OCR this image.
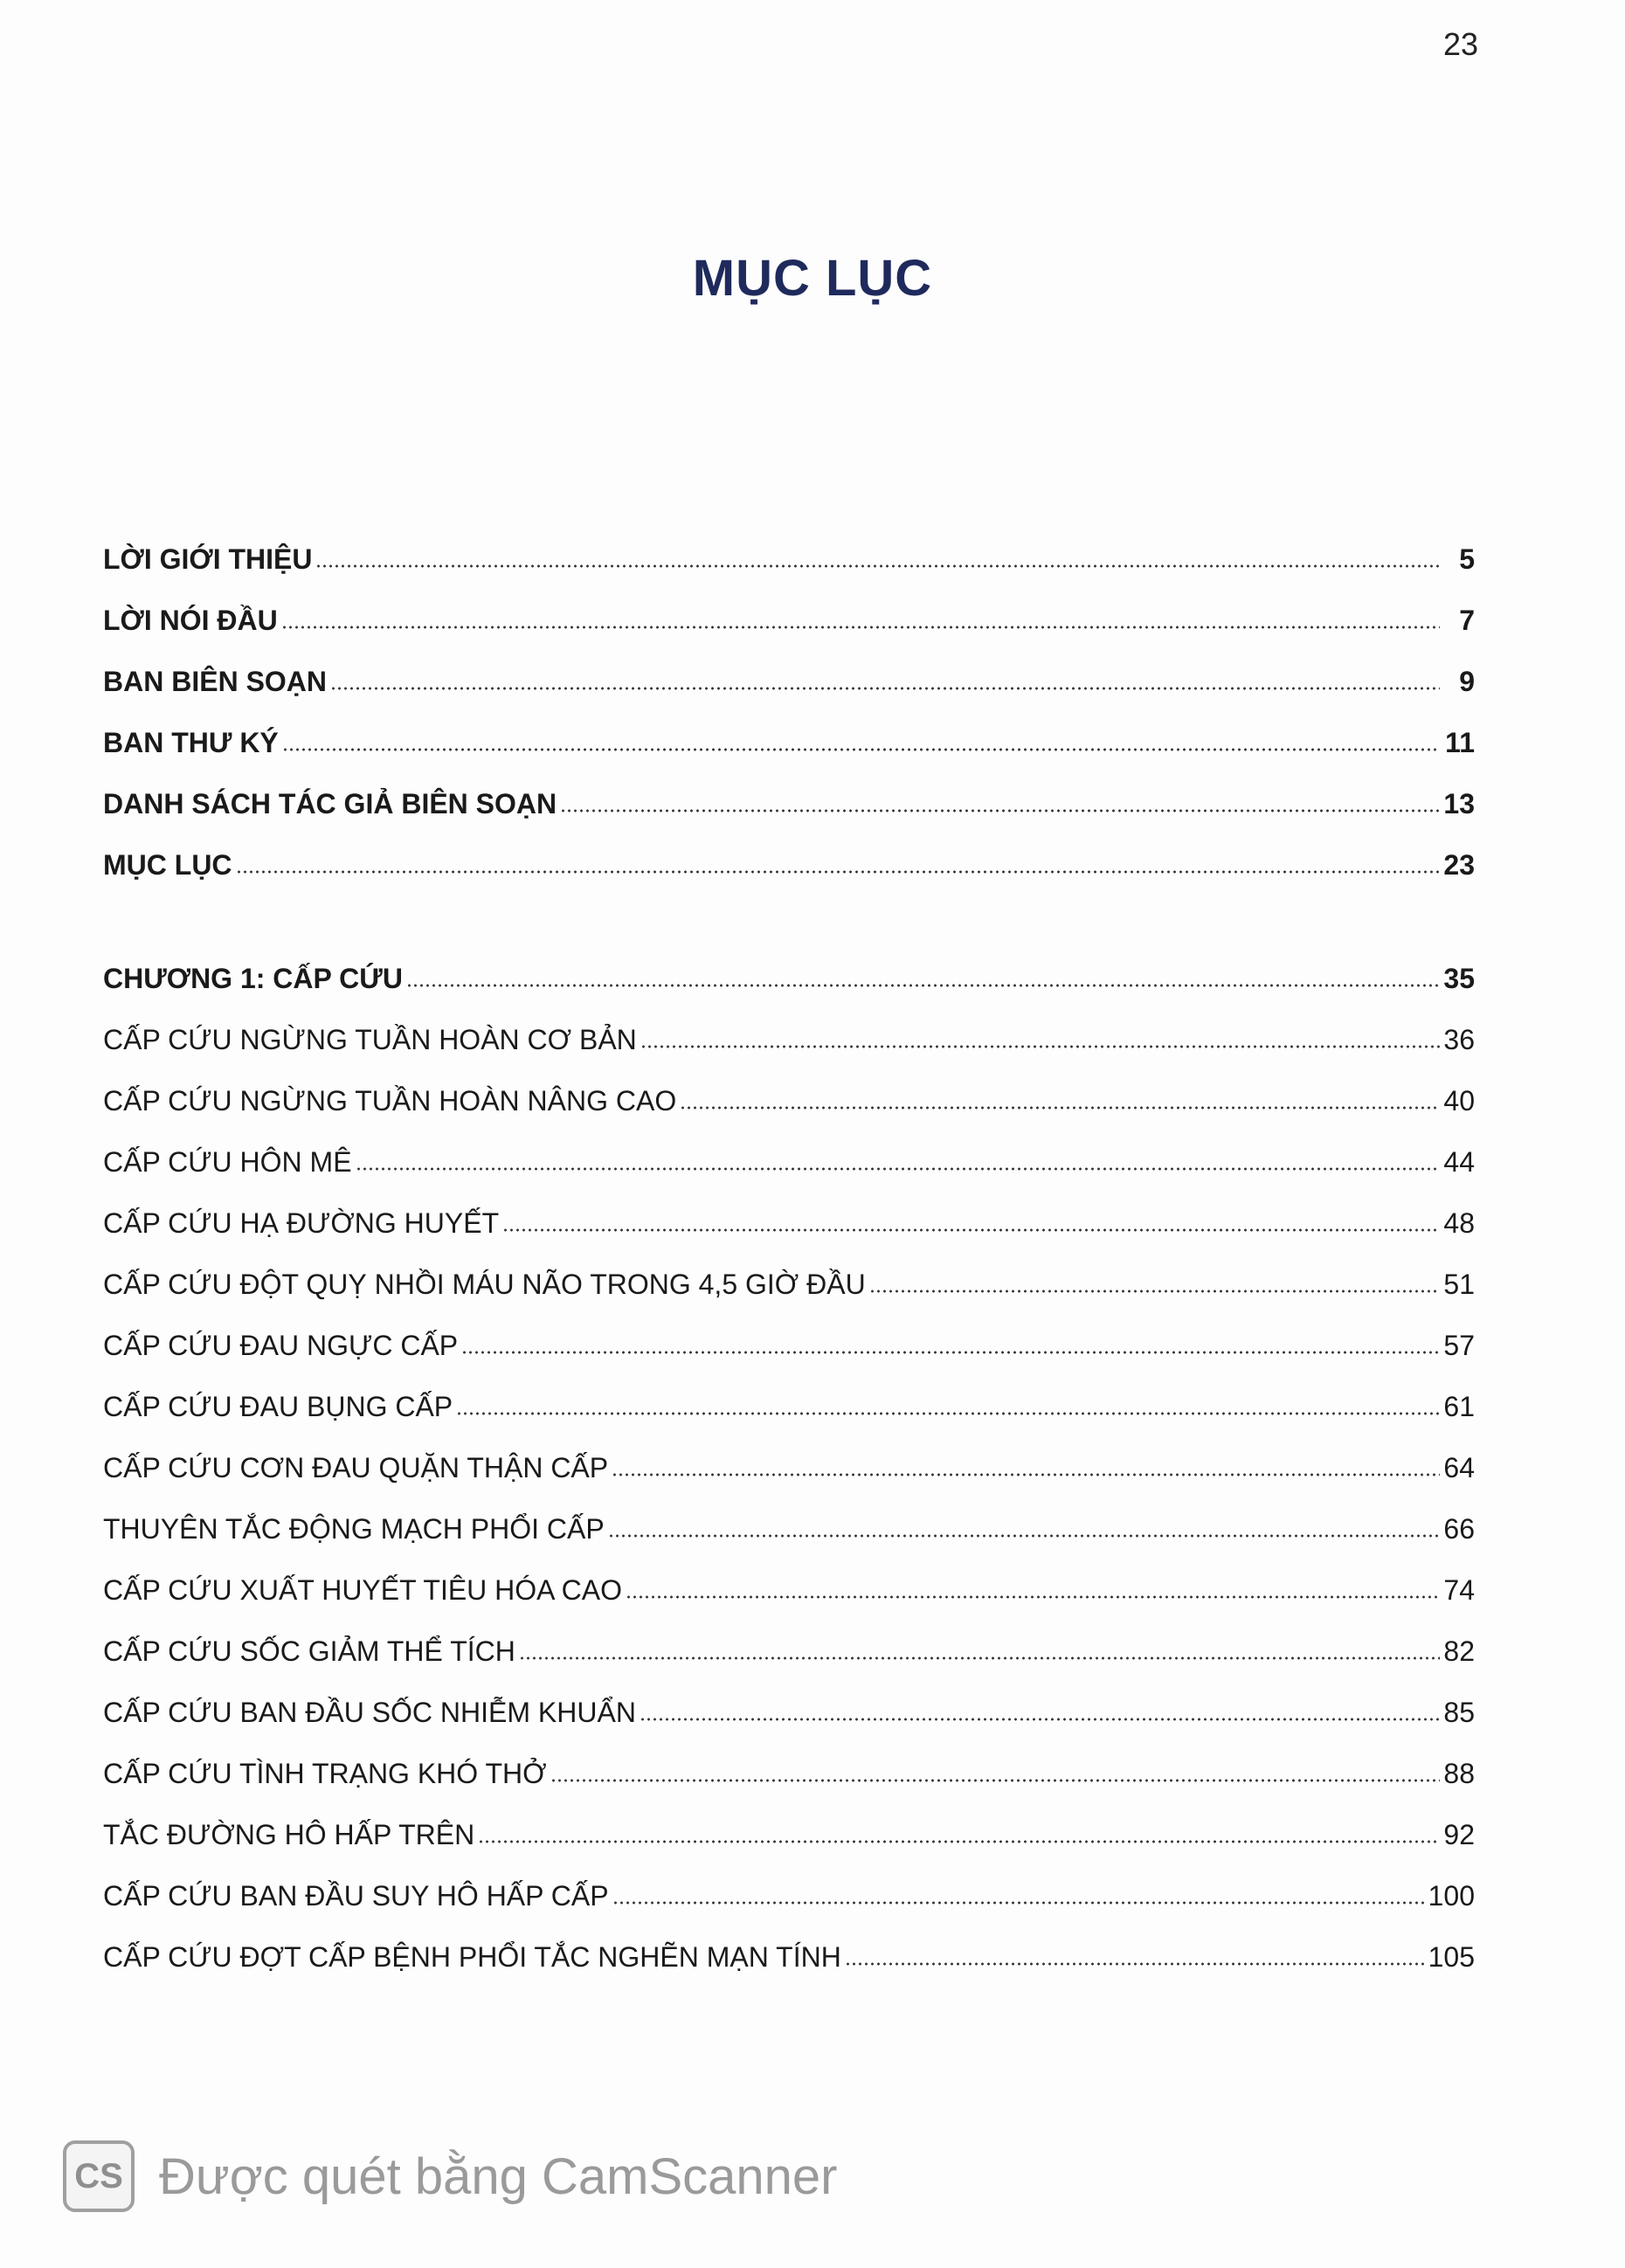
23
MỤC LỤC
LỜI GIỚI THIỆU	5
LỜI NÓI ĐẦU	7
BAN BIÊN SOẠN	9
BAN THƯ KÝ	11
DANH SÁCH TÁC GIẢ BIÊN SOẠN	13
MỤC LỤC	23
CHƯƠNG 1: CẤP CỨU	35
CẤP CỨU NGỪNG TUẦN HOÀN CƠ BẢN	36
CẤP CỨU NGỪNG TUẦN HOÀN NÂNG CAO	40
CẤP CỨU HÔN MÊ	44
CẤP CỨU HẠ ĐƯỜNG HUYẾT	48
CẤP CỨU ĐỘT QUỴ NHỒI MÁU NÃO TRONG 4,5 GIỜ ĐẦU	51
CẤP CỨU ĐAU NGỰC CẤP	57
CẤP CỨU ĐAU BỤNG CẤP	61
CẤP CỨU CƠN ĐAU QUẶN THẬN CẤP	64
THUYÊN TẮC ĐỘNG MẠCH PHỔI CẤP	66
CẤP CỨU XUẤT HUYẾT TIÊU HÓA CAO	74
CẤP CỨU SỐC GIẢM THỂ TÍCH	82
CẤP CỨU BAN ĐẦU SỐC NHIỄM KHUẨN	85
CẤP CỨU TÌNH TRẠNG KHÓ THỞ	88
TẮC ĐƯỜNG HÔ HẤP TRÊN	92
CẤP CỨU BAN ĐẦU SUY HÔ HẤP CẤP	100
CẤP CỨU ĐỢT CẤP BỆNH PHỔI TẮC NGHẼN MẠN TÍNH	105
CS Được quét bằng CamScanner
